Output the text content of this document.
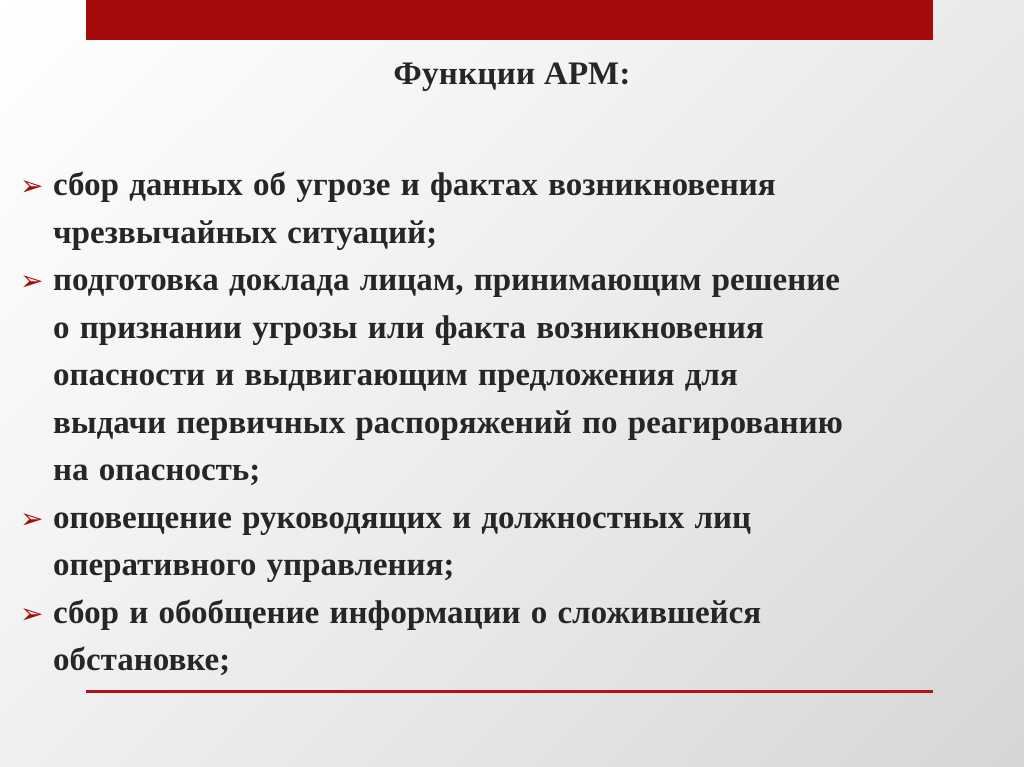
Функции АРМ:
➢ сбор данных об угрозе и фактах возникновения
чрезвычайных ситуаций;
➢ подготовка доклада лицам, принимающим решение
о признании угрозы или факта возникновения
опасности и выдвигающим предложения для
выдачи первичных распоряжений по реагированию
на опасность;
➢ оповещение руководящих и должностных лиц
оперативного управления;
➢ сбор и обобщение информации о сложившейся
обстановке;
